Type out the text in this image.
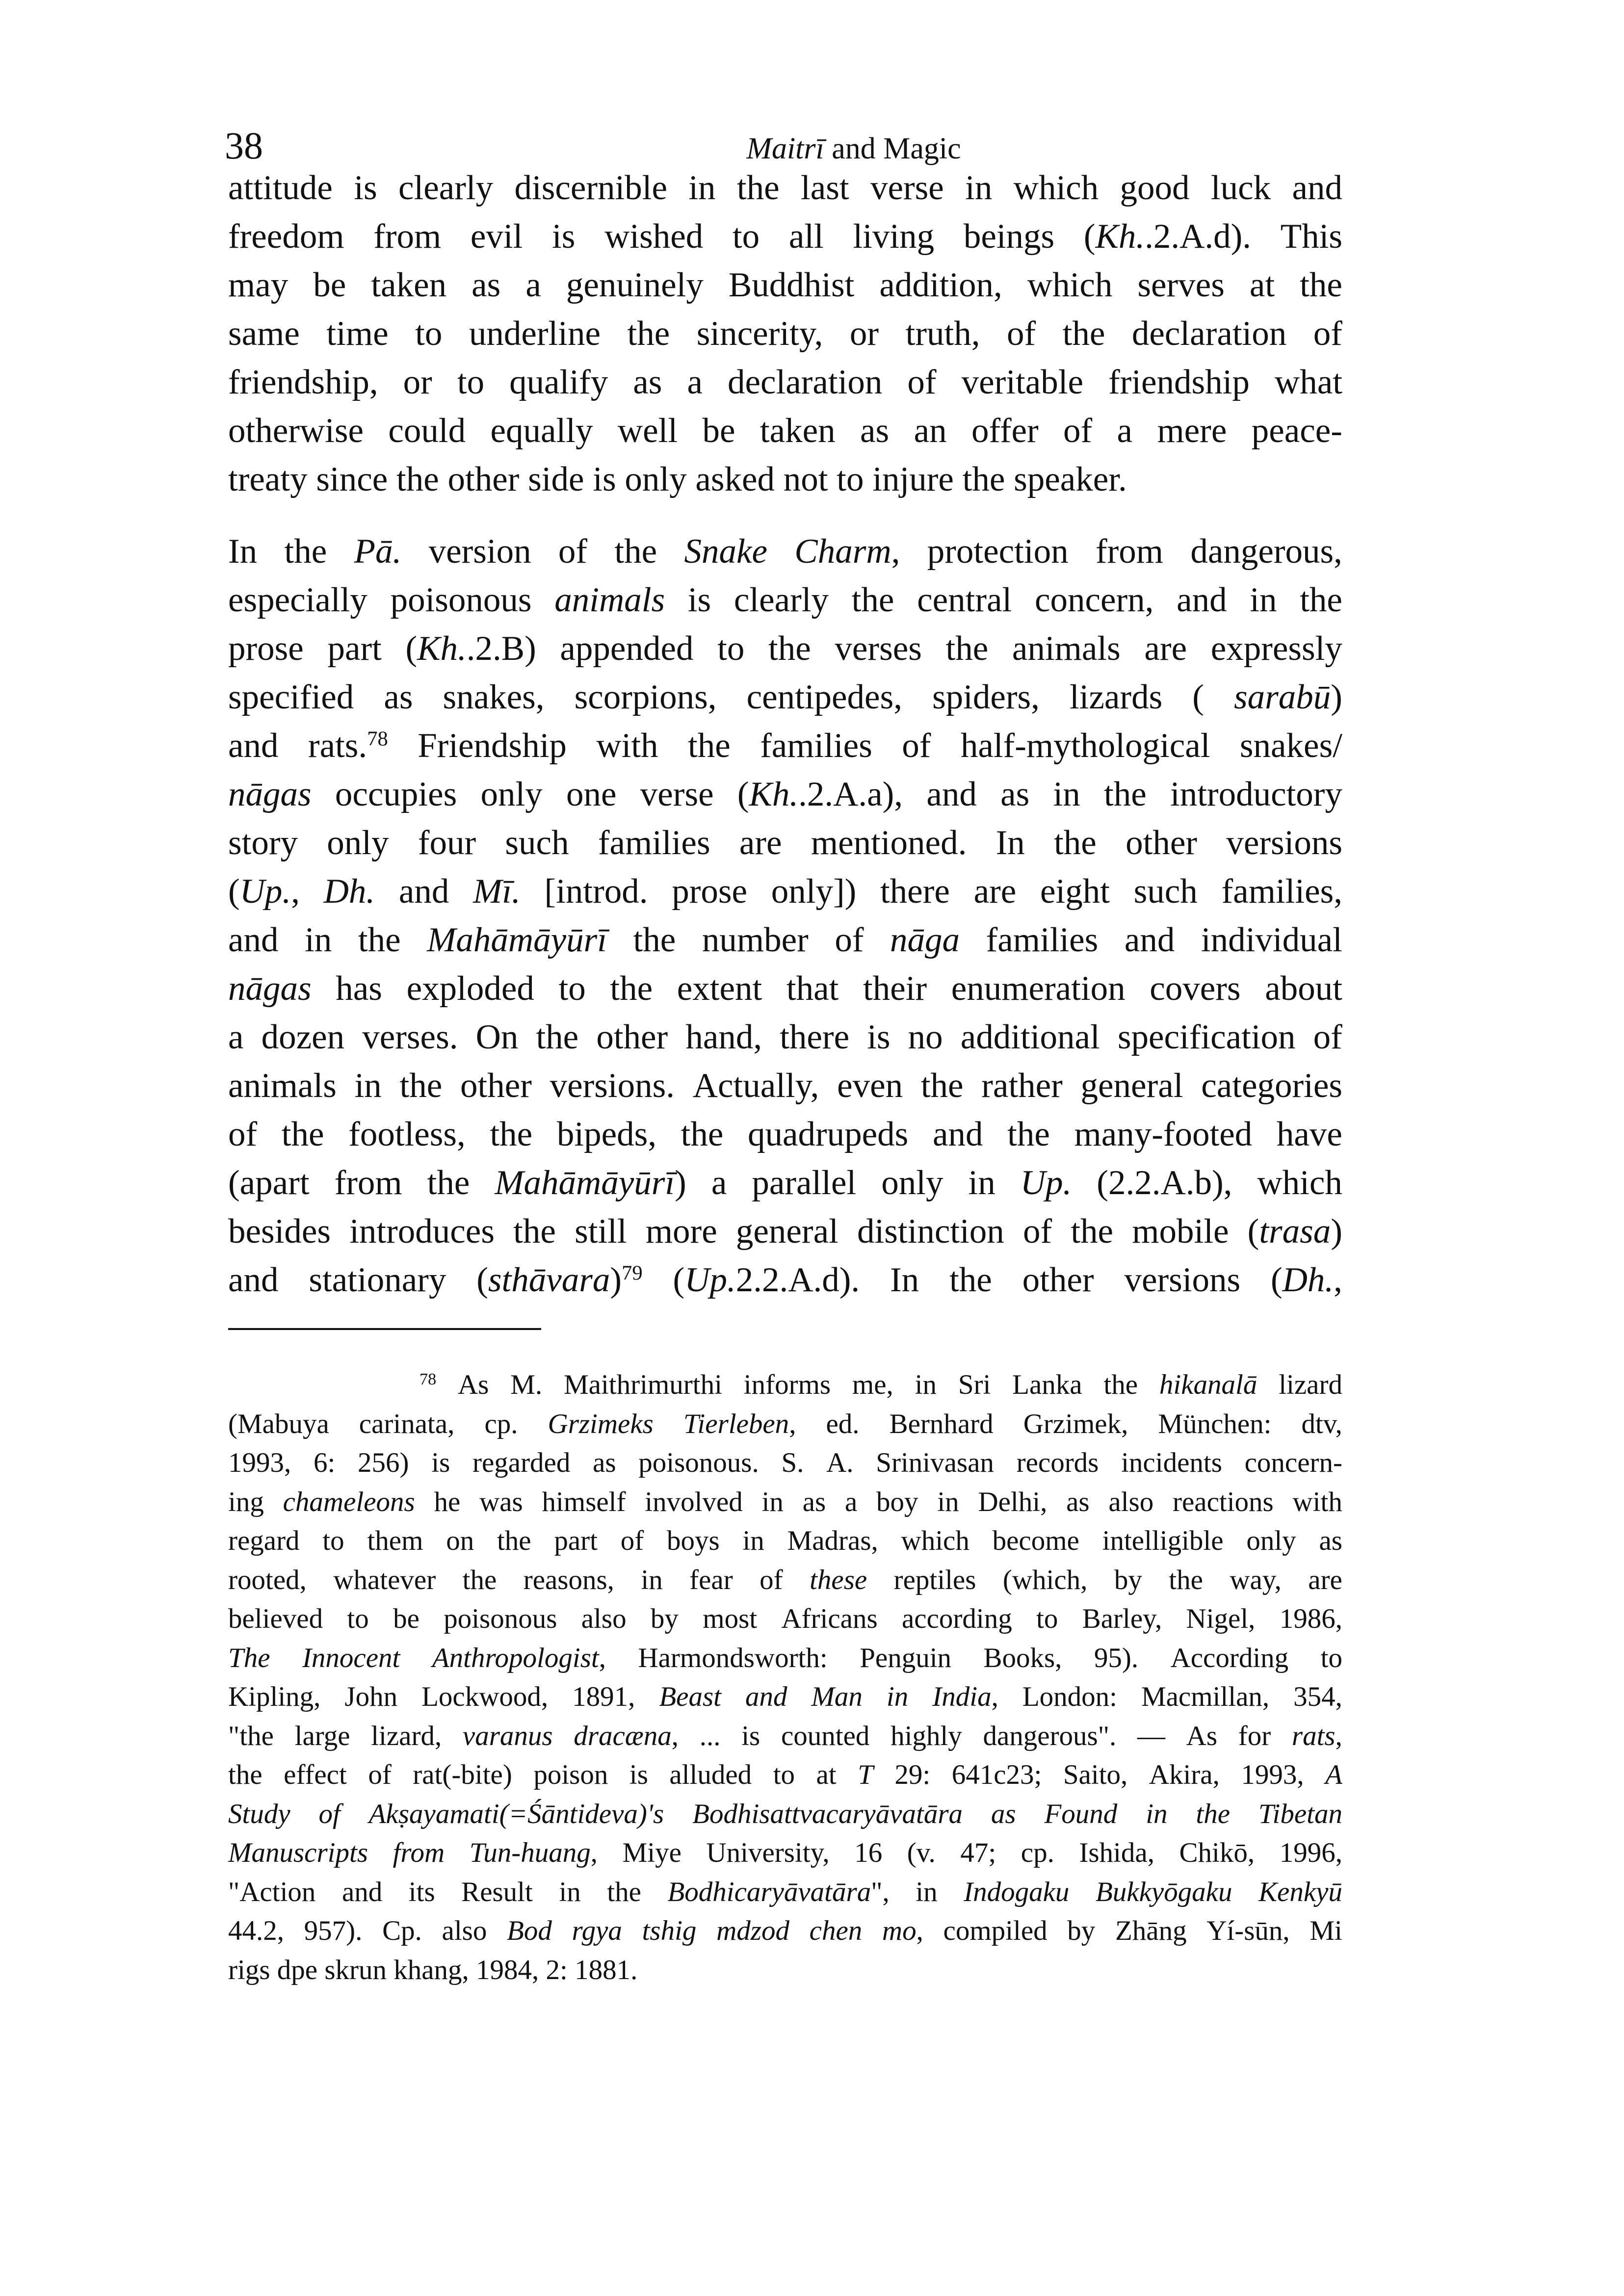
38	Maitrī and Magic
attitude is clearly discernible in the last verse in which good luck and
freedom from evil is wished to all living beings (Kh..2.A.d). This
may be taken as a genuinely Buddhist addition, which serves at the
same time to underline the sincerity, or truth, of the declaration of
friendship, or to qualify as a declaration of veritable friendship what
otherwise could equally well be taken as an offer of a mere peace-
treaty since the other side is only asked not to injure the speaker.
In the Pā. version of the Snake Charm, protection from dangerous,
especially poisonous animals is clearly the central concern, and in the
prose part (Kh..2.B) appended to the verses the animals are expressly
specified as snakes, scorpions, centipedes, spiders, lizards ( sarabū)
and rats.$^{78}$ Friendship with the families of half-mythological snakes/
nāgas occupies only one verse (Kh..2.A.a), and as in the introductory
story only four such families are mentioned. In the other versions
(Up., Dh. and Mī. [introd. prose only]) there are eight such families,
and in the Mahāmāyūrī the number of nāga families and individual
nāgas has exploded to the extent that their enumeration covers about
a dozen verses. On the other hand, there is no additional specification of
animals in the other versions. Actually, even the rather general categories
of the footless, the bipeds, the quadrupeds and the many-footed have
(apart from the Mahāmāyūrī) a parallel only in Up. (2.2.A.b), which
besides introduces the still more general distinction of the mobile (trasa)
and stationary (sthāvara)$^{79}$ (Up.2.2.A.d). In the other versions (Dh.,
$^{78}$ As M. Maithrimurthi informs me, in Sri Lanka the hikanalā lizard
(Mabuya carinata, cp. Grzimeks Tierleben, ed. Bernhard Grzimek, München: dtv,
1993, 6: 256) is regarded as poisonous. S. A. Srinivasan records incidents concern-
ing chameleons he was himself involved in as a boy in Delhi, as also reactions with
regard to them on the part of boys in Madras, which become intelligible only as
rooted, whatever the reasons, in fear of these reptiles (which, by the way, are
believed to be poisonous also by most Africans according to Barley, Nigel, 1986,
The Innocent Anthropologist, Harmondsworth: Penguin Books, 95). According to
Kipling, John Lockwood, 1891, Beast and Man in India, London: Macmillan, 354,
"the large lizard, varanus dracæna, ... is counted highly dangerous". — As for rats,
the effect of rat(-bite) poison is alluded to at T 29: 641c23; Saito, Akira, 1993, A
Study of Akṣayamati(=Śāntideva)'s Bodhisattvacaryāvatāra as Found in the Tibetan
Manuscripts from Tun-huang, Miye University, 16 (v. 47; cp. Ishida, Chikō, 1996,
"Action and its Result in the Bodhicaryāvatāra", in Indogaku Bukkyōgaku Kenkyū
44.2, 957). Cp. also Bod rgya tshig mdzod chen mo, compiled by Zhāng Yí-sūn, Mi
rigs dpe skrun khang, 1984, 2: 1881.
